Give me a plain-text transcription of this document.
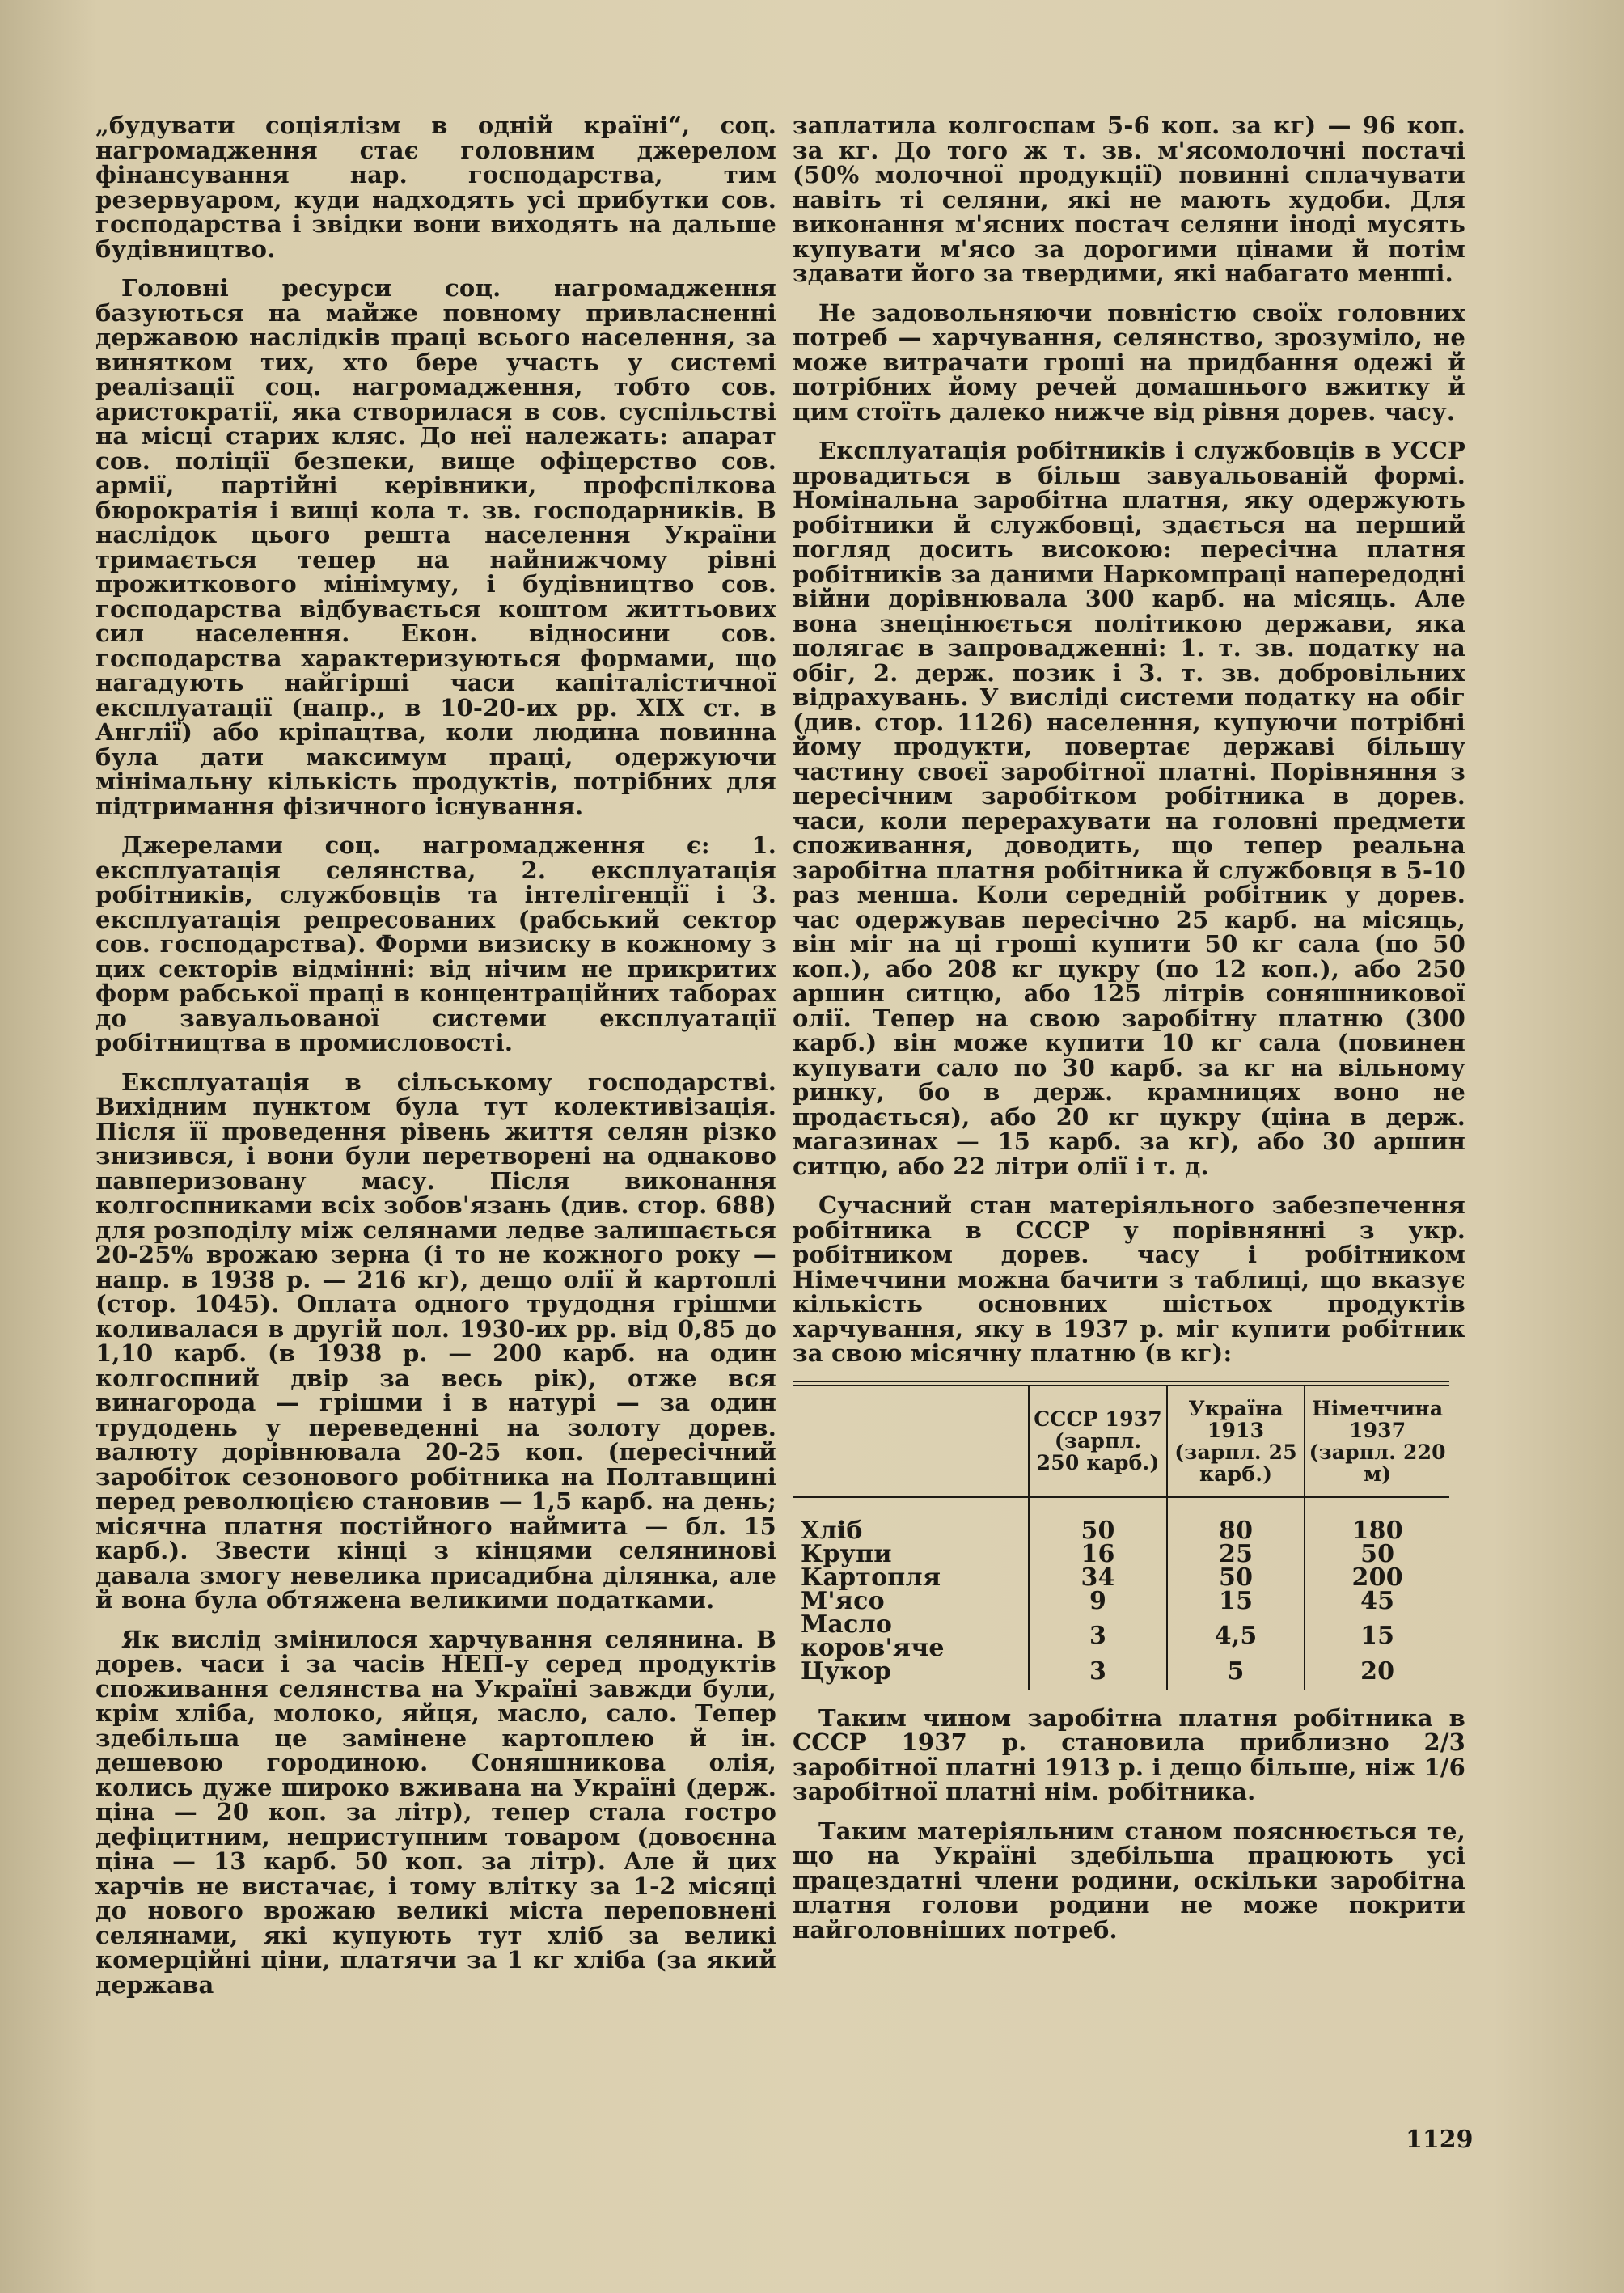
„будувати соціялізм в одній країні“, соц. нагромадження стає головним джерелом фінансування нар. господарства, тим резервуаром, куди надходять усі прибутки сов. господарства і звідки вони виходять на дальше будівництво.

Головні ресурси соц. нагромадження базуються на майже повному привласненні державою наслідків праці всього населення, за винятком тих, хто бере участь у системі реалізації соц. нагромадження, тобто сов. аристократії, яка створилася в сов. суспільстві на місці старих кляс. До неї належать: апарат сов. поліції безпеки, вище офіцерство сов. армії, партійні керівники, профспілкова бюрократія і вищі кола т. зв. господарників. В наслідок цього решта населення України тримається тепер на найнижчому рівні прожиткового мінімуму, і будівництво сов. господарства відбувається коштом життьових сил населення. Екон. відносини сов. господарства характеризуються формами, що нагадують найгірші часи капіталістичної експлуатації (напр., в 10-20-их рр. XIX ст. в Англії) або кріпацтва, коли людина повинна була дати максимум праці, одержуючи мінімальну кількість продуктів, потрібних для підтримання фізичного існування.

Джерелами соц. нагромадження є: 1. експлуатація селянства, 2. експлуатація робітників, службовців та інтелігенції і 3. експлуатація репресованих (рабський сектор сов. господарства). Форми визиску в кожному з цих секторів відмінні: від нічим не прикритих форм рабської праці в концентраційних таборах до завуальованої системи експлуатації робітництва в промисловості.

Експлуатація в сільському господарстві. Вихідним пунктом була тут колективізація. Після її проведення рівень життя селян різко знизився, і вони були перетворені на однаково павперизовану масу. Після виконання колгоспниками всіх зобов'язань (див. стор. 688) для розподілу між селянами ледве залишається 20-25% врожаю зерна (і то не кожного року — напр. в 1938 р. — 216 кг), дещо олії й картоплі (стор. 1045). Оплата одного трудодня грішми коливалася в другій пол. 1930-их рр. від 0,85 до 1,10 карб. (в 1938 р. — 200 карб. на один колгоспний двір за весь рік), отже вся винагорода — грішми і в натурі — за один трудодень у переведенні на золоту дорев. валюту дорівнювала 20-25 коп. (пересічний заробіток сезонового робітника на Полтавщині перед революцією становив — 1,5 карб. на день; місячна платня постійного наймита — бл. 15 карб.). Звести кінці з кінцями селянинові давала змогу невелика присадибна ділянка, але й вона була обтяжена великими податками.

Як вислід змінилося харчування селянина. В дорев. часи і за часів НЕП-у серед продуктів споживання селянства на Україні завжди були, крім хліба, молоко, яйця, масло, сало. Тепер здебільша це замінене картоплею й ін. дешевою городиною. Соняшникова олія, колись дуже широко вживана на Україні (держ. ціна — 20 коп. за літр), тепер стала гостро дефіцитним, неприступним товаром (довоєнна ціна — 13 карб. 50 коп. за літр). Але й цих харчів не вистачає, і тому влітку за 1-2 місяці до нового врожаю великі міста переповнені селянами, які купують тут хліб за великі комерційні ціни, платячи за 1 кг хліба (за який держава

заплатила колгоспам 5-6 коп. за кг) — 96 коп. за кг. До того ж т. зв. м'ясомолочні постачі (50% молочної продукції) повинні сплачувати навіть ті селяни, які не мають худоби. Для виконання м'ясних постач селяни іноді мусять купувати м'ясо за дорогими цінами й потім здавати його за твердими, які набагато менші.

Не задовольняючи повністю своїх головних потреб — харчування, селянство, зрозуміло, не може витрачати гроші на придбання одежі й потрібних йому речей домашнього вжитку й цим стоїть далеко нижче від рівня дорев. часу.

Експлуатація робітників і службовців в УССР провадиться в більш завуальованій формі. Номінальна заробітна платня, яку одержують робітники й службовці, здається на перший погляд досить високою: пересічна платня робітників за даними Наркомпраці напередодні війни дорівнювала 300 карб. на місяць. Але вона знецінюється політикою держави, яка полягає в запровадженні: 1. т. зв. податку на обіг, 2. держ. позик і 3. т. зв. добровільних відрахувань. У висліді системи податку на обіг (див. стор. 1126) населення, купуючи потрібні йому продукти, повертає державі більшу частину своєї заробітної платні. Порівняння з пересічним заробітком робітника в дорев. часи, коли перерахувати на головні предмети споживання, доводить, що тепер реальна заробітна платня робітника й службовця в 5-10 раз менша. Коли середній робітник у дорев. час одержував пересічно 25 карб. на місяць, він міг на ці гроші купити 50 кг сала (по 50 коп.), або 208 кг цукру (по 12 коп.), або 250 аршин ситцю, або 125 літрів соняшникової олії. Тепер на свою заробітну платню (300 карб.) він може купити 10 кг сала (повинен купувати сало по 30 карб. за кг на вільному ринку, бо в держ. крамницях воно не продається), або 20 кг цукру (ціна в держ. магазинах — 15 карб. за кг), або 30 аршин ситцю, або 22 літри олії і т. д.

Сучасний стан матеріяльного забезпечення робітника в СССР у порівнянні з укр. робітником дорев. часу і робітником Німеччини можна бачити з таблиці, що вказує кількість основних шістьох продуктів харчування, яку в 1937 р. міг купити робітник за свою місячну платню (в кг):

	СССР 1937 (зарпл. 250 карб.)	Україна 1913 (зарпл. 25 карб.)	Німеччина 1937 (зарпл. 220 м)
Хліб	50	80	180
Крупи	16	25	50
Картопля	34	50	200
М'ясо	9	15	45
Масло коров'яче	3	4,5	15
Цукор	3	5	20

Таким чином заробітна платня робітника в СССР 1937 р. становила приблизно 2/3 заробітної платні 1913 р. і дещо більше, ніж 1/6 заробітної платні нім. робітника.

Таким матеріяльним станом пояснюється те, що на Україні здебільша працюють усі працездатні члени родини, оскільки заробітна платня голови родини не може покрити найголовніших потреб.

1129
